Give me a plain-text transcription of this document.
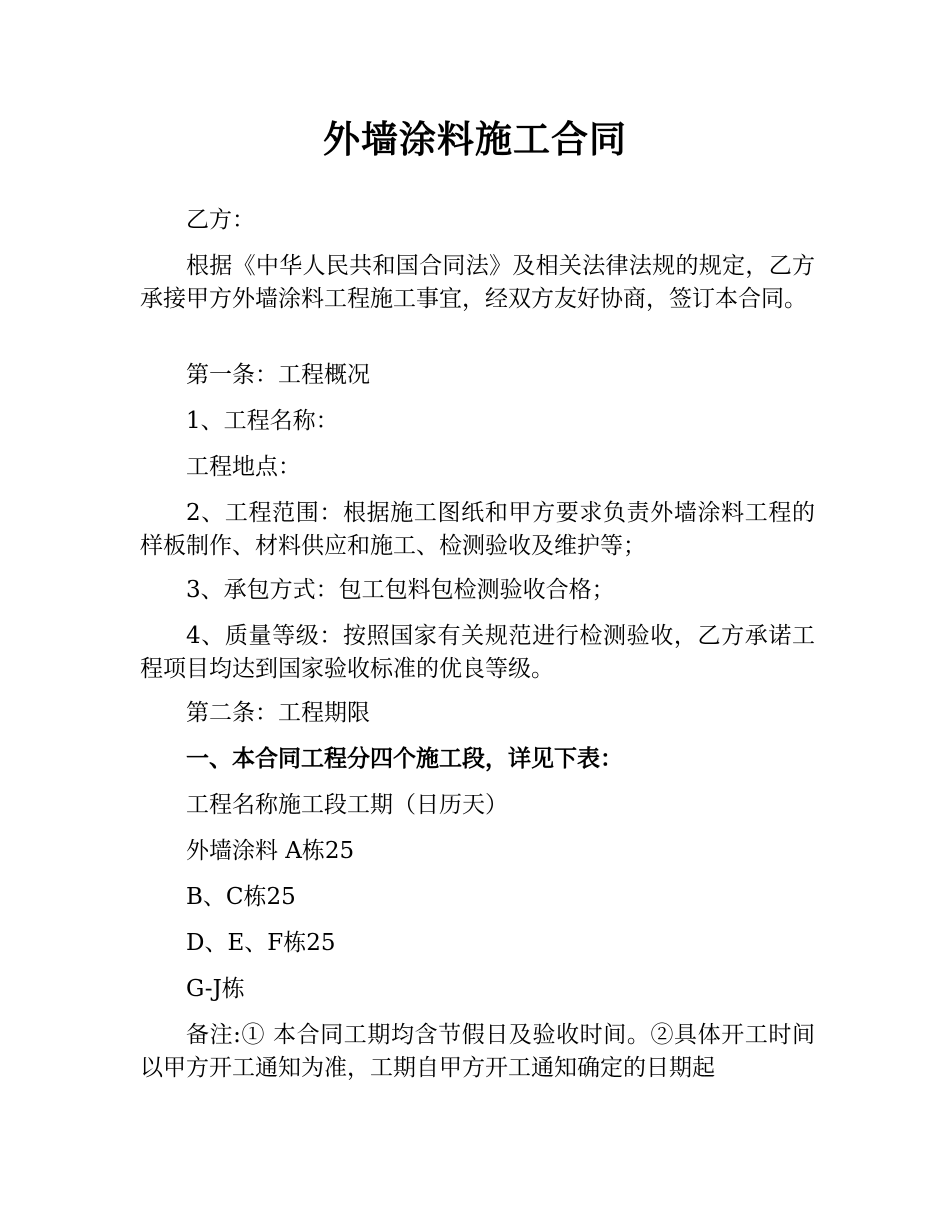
外墙涂料施工合同

乙方：

根据《中华人民共和国合同法》及相关法律法规的规定，乙方承接甲方外墙涂料工程施工事宜，经双方友好协商，签订本合同。

第一条：工程概况

1、工程名称：

工程地点：

2、工程范围：根据施工图纸和甲方要求负责外墙涂料工程的样板制作、材料供应和施工、检测验收及维护等；

3、承包方式：包工包料包检测验收合格；

4、质量等级：按照国家有关规范进行检测验收，乙方承诺工程项目均达到国家验收标准的优良等级。

第二条：工程期限

一、本合同工程分四个施工段，详见下表：

工程名称施工段工期（日历天）

外墙涂料 A栋25

B、C栋25

D、E、F栋25

G-J栋

备注:① 本合同工期均含节假日及验收时间。②具体开工时间以甲方开工通知为准，工期自甲方开工通知确定的日期起
